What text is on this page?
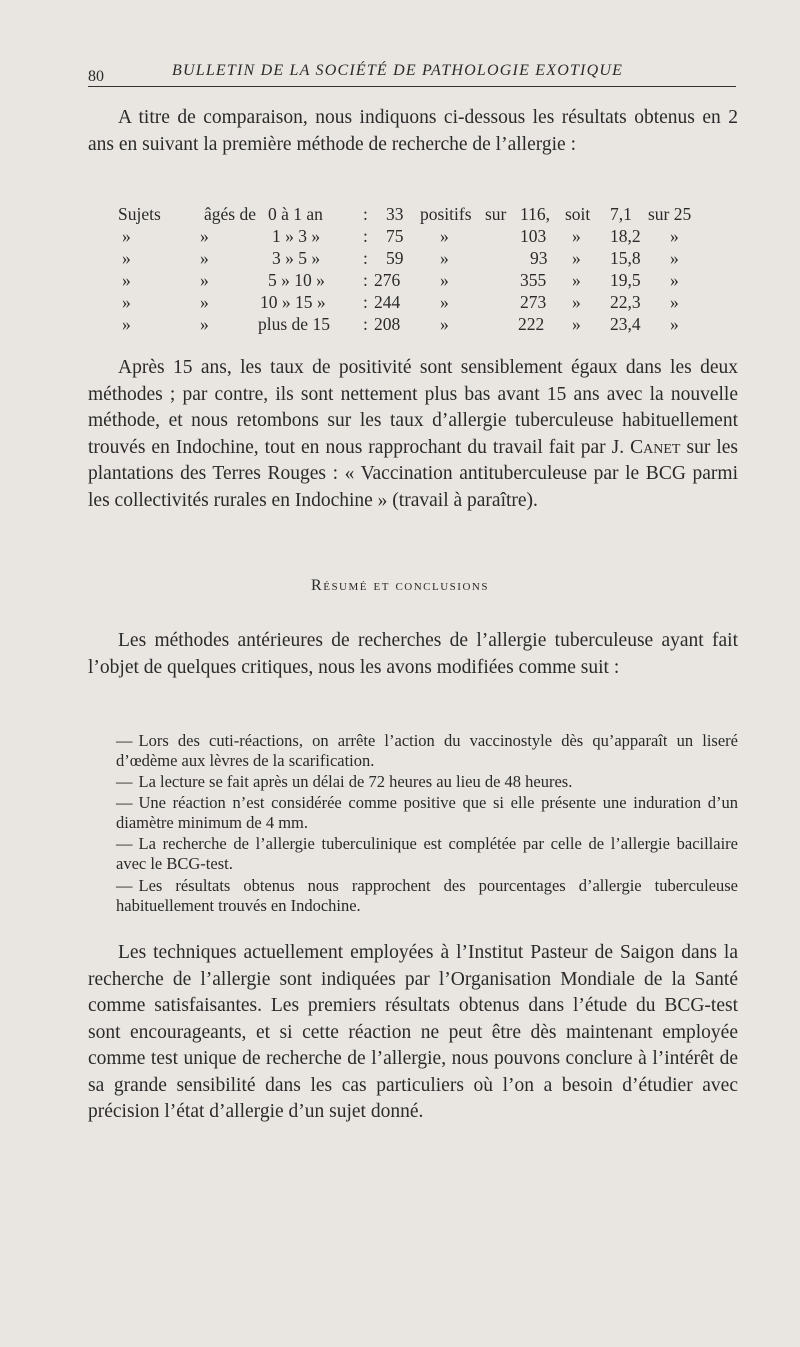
80	BULLETIN DE LA SOCIÉTÉ DE PATHOLOGIE EXOTIQUE

A titre de comparaison, nous indiquons ci-dessous les résultats obtenus en 2 ans en suivant la première méthode de recherche de l’allergie :

Sujets âgés de 0 à 1 an : 33 positifs sur 116, soit 7,1 sur 25
»	»	1 » 3 » : 75 »	103 » 18,2 »
»	»	3 » 5 » : 59 »	93 » 15,8 »
»	»	5 » 10 » : 276 »	355 » 19,5 »
»	»	10 » 15 » : 244 »	273 » 22,3 »
»	»	plus de 15 : 208 »	222 » 23,4 »

Après 15 ans, les taux de positivité sont sensiblement égaux dans les deux méthodes ; par contre, ils sont nettement plus bas avant 15 ans avec la nouvelle méthode, et nous retombons sur les taux d’allergie tuberculeuse habituellement trouvés en Indochine, tout en nous rapprochant du travail fait par J. Canet sur les plantations des Terres Rouges : « Vaccination antituberculeuse par le BCG parmi les collectivités rurales en Indochine » (travail à paraître).

Résumé et conclusions

Les méthodes antérieures de recherches de l’allergie tuberculeuse ayant fait l’objet de quelques critiques, nous les avons modifiées comme suit :

— Lors des cuti-réactions, on arrête l’action du vaccinostyle dès qu’apparaît un liseré d’œdème aux lèvres de la scarification.

— La lecture se fait après un délai de 72 heures au lieu de 48 heures.

— Une réaction n’est considérée comme positive que si elle présente une induration d’un diamètre minimum de 4 mm.

— La recherche de l’allergie tuberculinique est complétée par celle de l’allergie bacillaire avec le BCG-test.

— Les résultats obtenus nous rapprochent des pourcentages d’allergie tuberculeuse habituellement trouvés en Indochine.

Les techniques actuellement employées à l’Institut Pasteur de Saigon dans la recherche de l’allergie sont indiquées par l’Organisation Mondiale de la Santé comme satisfaisantes. Les premiers résultats obtenus dans l’étude du BCG-test sont encourageants, et si cette réaction ne peut être dès maintenant employée comme test unique de recherche de l’allergie, nous pouvons conclure à l’intérêt de sa grande sensibilité dans les cas particuliers où l’on a besoin d’étudier avec précision l’état d’allergie d’un sujet donné.
